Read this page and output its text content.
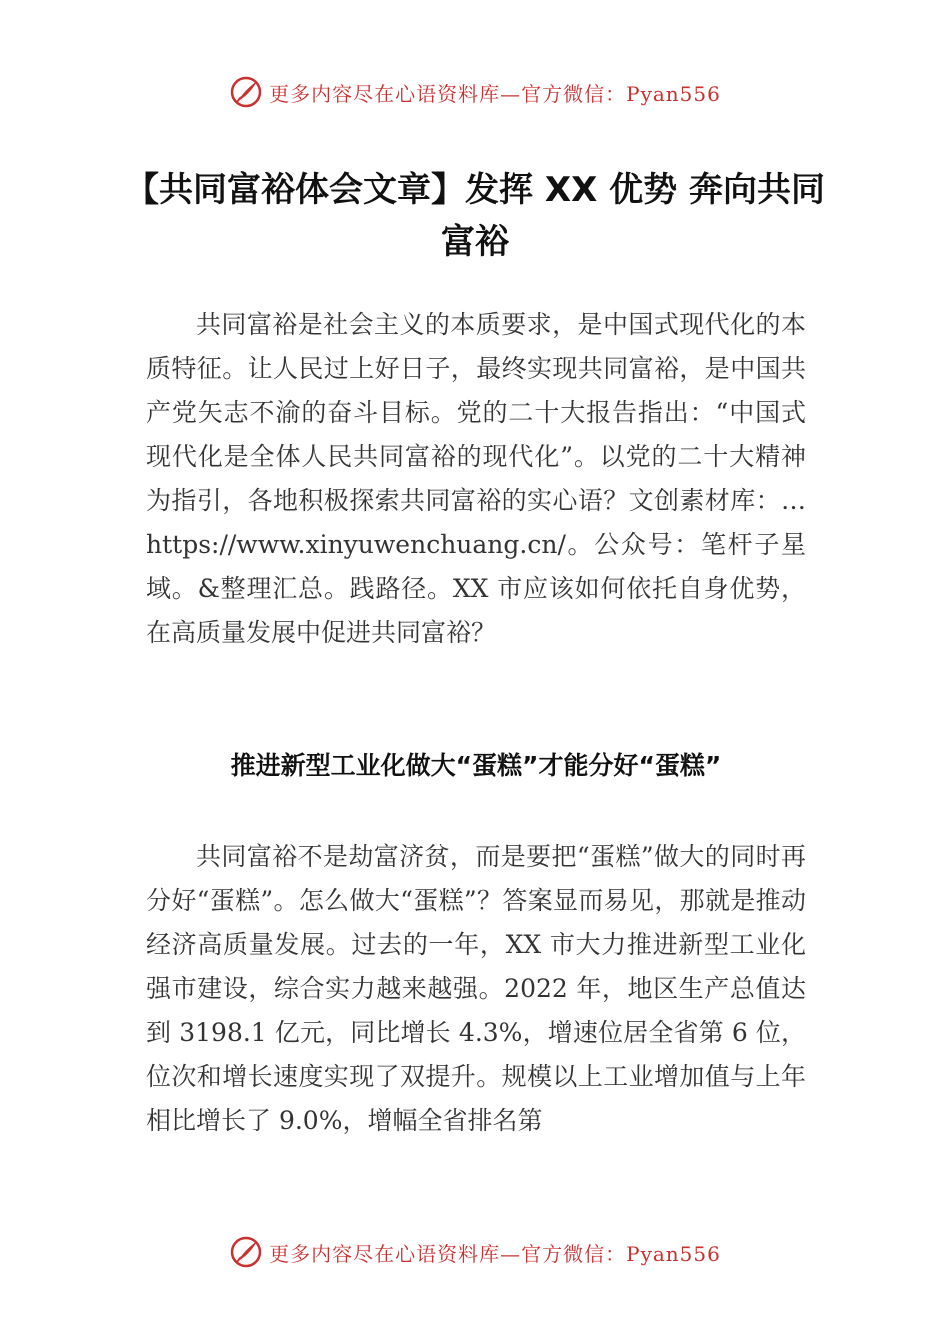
更多内容尽在心语资料库—官方微信：Pyan556
【共同富裕体会文章】发挥 XX 优势 奔向共同富裕

共同富裕是社会主义的本质要求，是中国式现代化的本质特征。让人民过上好日子，最终实现共同富裕，是中国共产党矢志不渝的奋斗目标。党的二十大报告指出：“中国式现代化是全体人民共同富裕的现代化”。以党的二十大精神为指引，各地积极探索共同富裕的实心语？文创素材库：… https://www.xinyuwenchuang.cn/。公众号：笔杆子星域。&整理汇总。践路径。XX 市应该如何依托自身优势，在高质量发展中促进共同富裕？

推进新型工业化做大“蛋糕”才能分好“蛋糕”

共同富裕不是劫富济贫，而是要把“蛋糕”做大的同时再分好“蛋糕”。怎么做大“蛋糕”？答案显而易见，那就是推动经济高质量发展。过去的一年，XX 市大力推进新型工业化强市建设，综合实力越来越强。2022 年，地区生产总值达到 3198.1 亿元，同比增长 4.3%，增速位居全省第 6 位，位次和增长速度实现了双提升。规模以上工业增加值与上年相比增长了 9.0%，增幅全省排名第

更多内容尽在心语资料库—官方微信：Pyan556
